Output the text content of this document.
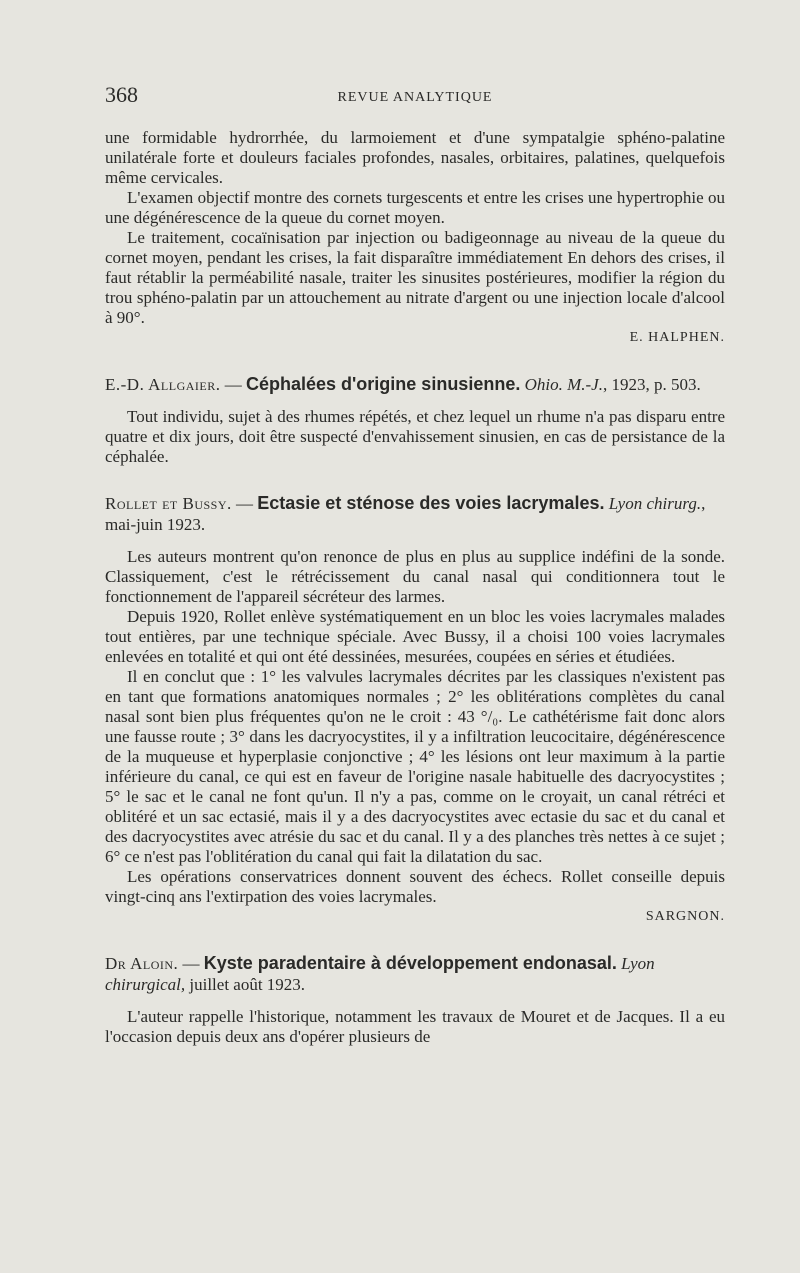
368	REVUE ANALYTIQUE

une formidable hydrorrhée, du larmoiement et d'une sympatalgie sphéno-palatine unilatérale forte et douleurs faciales profondes, nasales, orbitaires, palatines, quelquefois même cervicales.

L'examen objectif montre des cornets turgescents et entre les crises une hypertrophie ou une dégénérescence de la queue du cornet moyen.

Le traitement, cocaïnisation par injection ou badigeonnage au niveau de la queue du cornet moyen, pendant les crises, la fait disparaître immédiatement En dehors des crises, il faut rétablir la perméabilité nasale, traiter les sinusites postérieures, modifier la région du trou sphéno-palatin par un attouchement au nitrate d'argent ou une injection locale d'alcool à 90°.

E. HALPHEN.
E.-D. Allgaier. — Céphalées d'origine sinusienne. Ohio. M.-J., 1923, p. 503.

Tout individu, sujet à des rhumes répétés, et chez lequel un rhume n'a pas disparu entre quatre et dix jours, doit être suspecté d'envahissement sinusien, en cas de persistance de la céphalée.

Rollet et Bussy. — Ectasie et sténose des voies lacrymales. Lyon chirurg., mai-juin 1923.

Les auteurs montrent qu'on renonce de plus en plus au supplice indéfini de la sonde. Classiquement, c'est le rétrécissement du canal nasal qui conditionnera tout le fonctionnement de l'appareil sécréteur des larmes.

Depuis 1920, Rollet enlève systématiquement en un bloc les voies lacrymales malades tout entières, par une technique spéciale. Avec Bussy, il a choisi 100 voies lacrymales enlevées en totalité et qui ont été dessinées, mesurées, coupées en séries et étudiées.

Il en conclut que : 1° les valvules lacrymales décrites par les classiques n'existent pas en tant que formations anatomiques normales ; 2° les oblitérations complètes du canal nasal sont bien plus fréquentes qu'on ne le croit : 43 °/₀. Le cathétérisme fait donc alors une fausse route ; 3° dans les dacryocystites, il y a infiltration leucocitaire, dégénérescence de la muqueuse et hyperplasie conjonctive ; 4° les lésions ont leur maximum à la partie inférieure du canal, ce qui est en faveur de l'origine nasale habituelle des dacryocystites ; 5° le sac et le canal ne font qu'un. Il n'y a pas, comme on le croyait, un canal rétréci et oblitéré et un sac ectasié, mais il y a des dacryocystites avec ectasie du sac et du canal et des dacryocystites avec atrésie du sac et du canal. Il y a des planches très nettes à ce sujet ; 6° ce n'est pas l'oblitération du canal qui fait la dilatation du sac.

Les opérations conservatrices donnent souvent des échecs. Rollet conseille depuis vingt-cinq ans l'extirpation des voies lacrymales.

SARGNON.
Dr Aloin. — Kyste paradentaire à développement endonasal. Lyon chirurgical, juillet août 1923.

L'auteur rappelle l'historique, notamment les travaux de Mouret et de Jacques. Il a eu l'occasion depuis deux ans d'opérer plusieurs de
